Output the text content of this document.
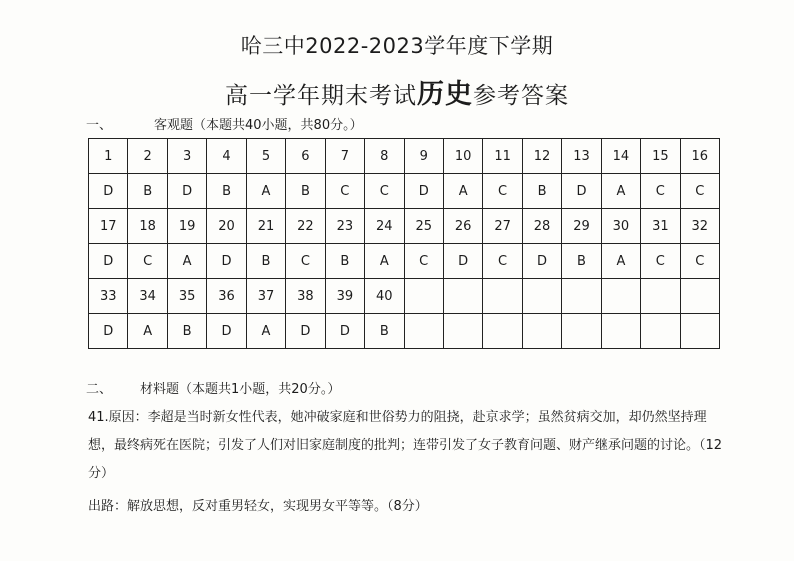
哈三中2022-2023学年度下学期
高一学年期末考试历史参考答案
一、	客观题（本题共40小题，共80分。）
1	2	3	4	5	6	7	8	9	10	11	12	13	14	15	16
D	B	D	B	A	B	C	C	D	A	C	B	D	A	C	C
17	18	19	20	21	22	23	24	25	26	27	28	29	30	31	32
D	C	A	D	B	C	B	A	C	D	C	D	B	A	C	C
33	34	35	36	37	38	39	40								
D	A	B	D	A	D	D	B								
二、 材料题（本题共1小题，共20分。）
41.原因：李超是当时新女性代表，她冲破家庭和世俗势力的阻挠，赴京求学；虽然贫病交加，却仍然坚持理想，最终病死在医院；引发了人们对旧家庭制度的批判；连带引发了女子教育问题、财产继承问题的讨论。（12分）
出路：解放思想，反对重男轻女，实现男女平等等。（8分）
